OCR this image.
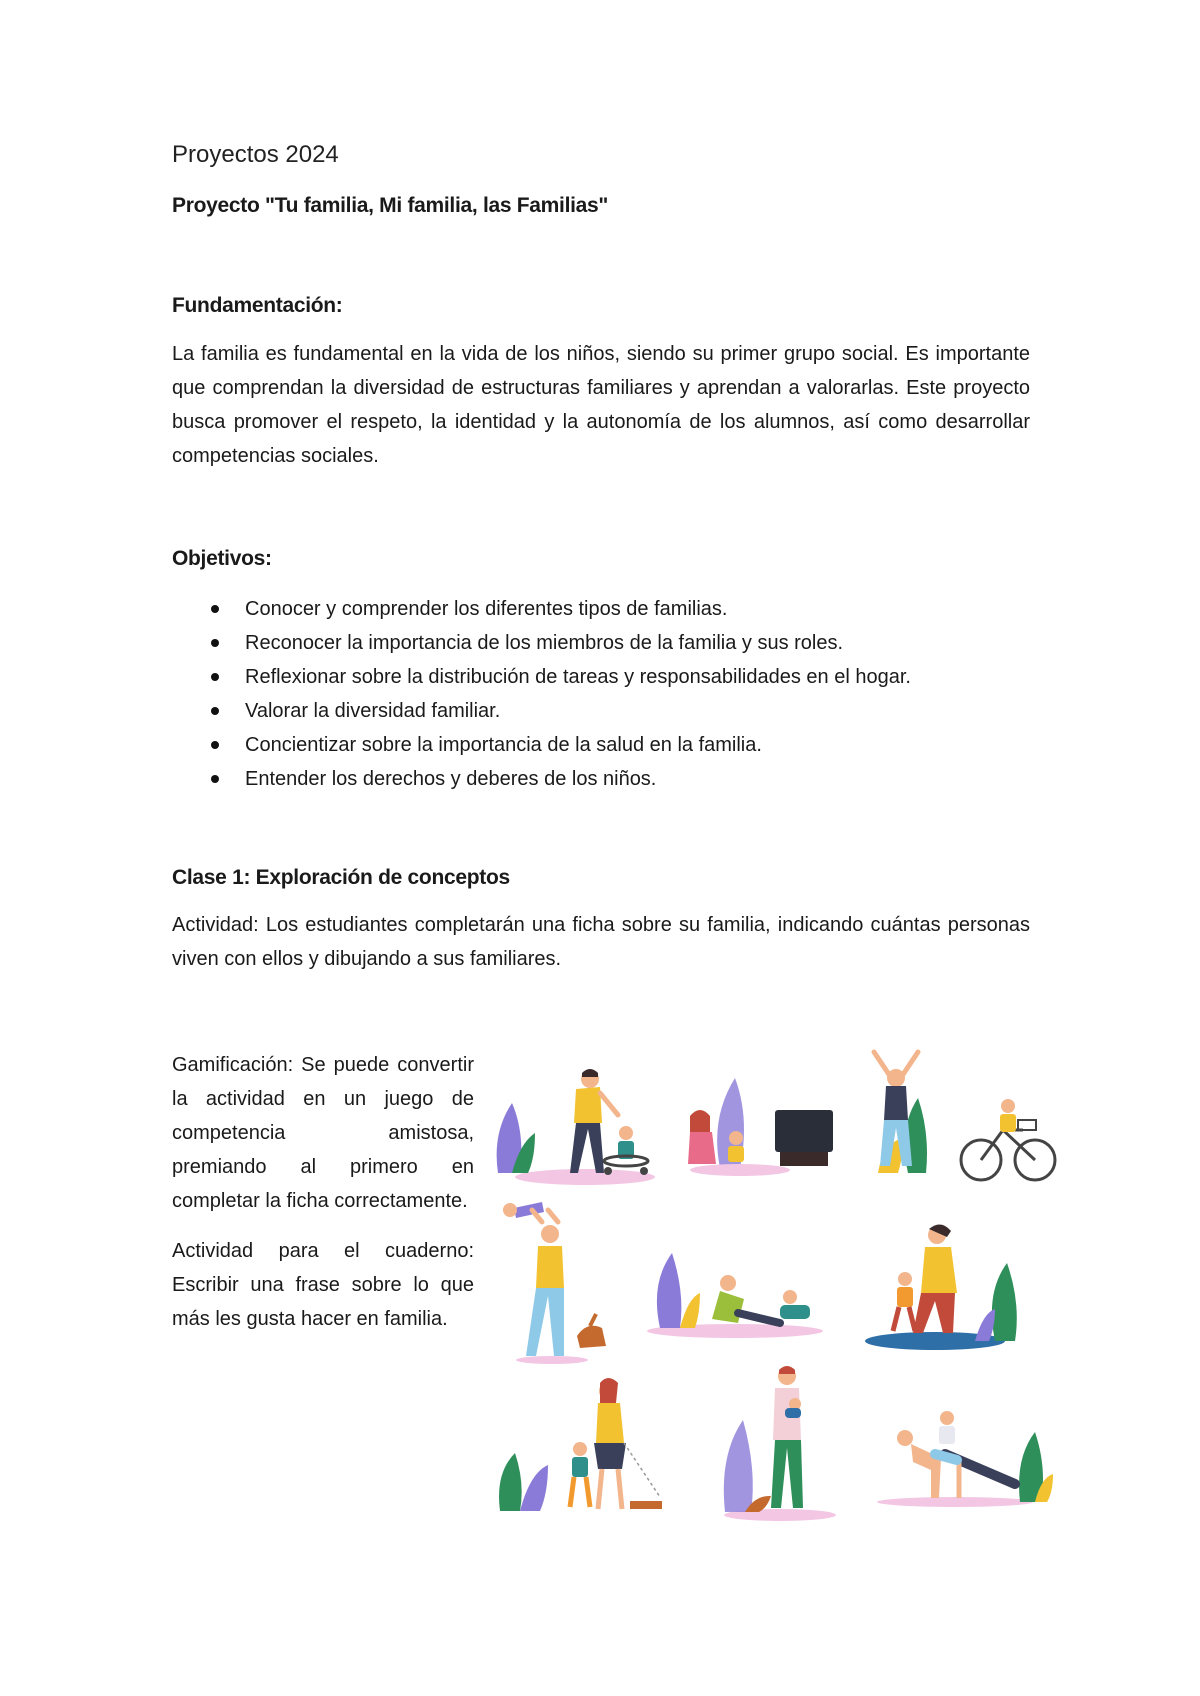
Proyectos 2024
Proyecto "Tu familia, Mi familia, las Familias"
Fundamentación:
La familia es fundamental en la vida de los niños, siendo su primer grupo social. Es importante que comprendan la diversidad de estructuras familiares y aprendan a valorarlas. Este proyecto busca promover el respeto, la identidad y la autonomía de los alumnos, así como desarrollar competencias sociales.
Objetivos:
Conocer y comprender los diferentes tipos de familias.
Reconocer la importancia de los miembros de la familia y sus roles.
Reflexionar sobre la distribución de tareas y responsabilidades en el hogar.
Valorar la diversidad familiar.
Concientizar sobre la importancia de la salud en la familia.
Entender los derechos y deberes de los niños.
Clase 1: Exploración de conceptos
Actividad: Los estudiantes completarán una ficha sobre su familia, indicando cuántas personas viven con ellos y dibujando a sus familiares.

Gamificación: Se puede convertir la actividad en un juego de competencia amistosa, premiando al primero en completar la ficha correctamente.

Actividad para el cuaderno: Escribir una frase sobre lo que más les gusta hacer en familia.
